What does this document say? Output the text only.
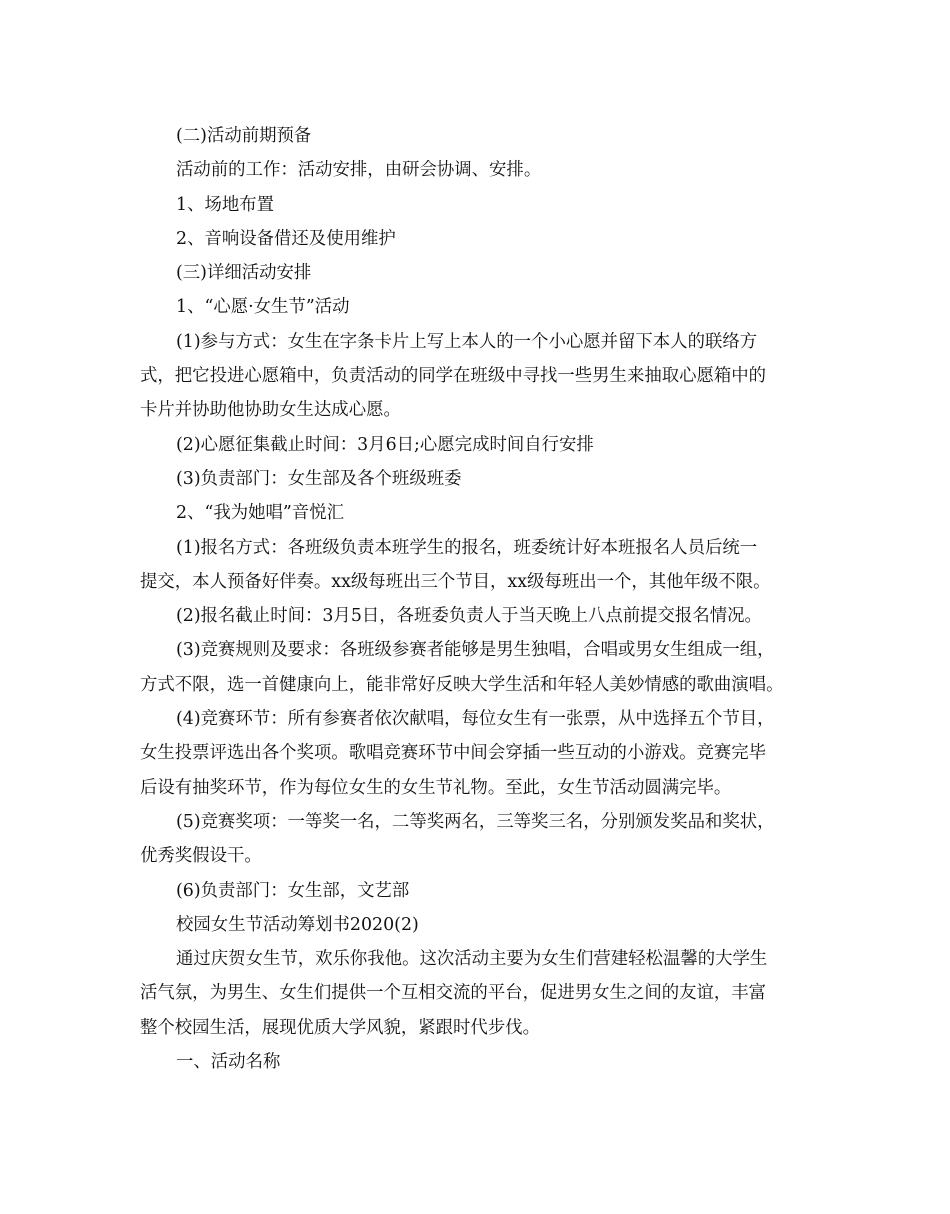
(二)活动前期预备
活动前的工作：活动安排，由研会协调、安排。
1、场地布置
2、音响设备借还及使用维护
(三)详细活动安排
1、“心愿·女生节”活动
(1)参与方式：女生在字条卡片上写上本人的一个小心愿并留下本人的联络方
式，把它投进心愿箱中，负责活动的同学在班级中寻找一些男生来抽取心愿箱中的
卡片并协助他协助女生达成心愿。
(2)心愿征集截止时间：3月6日;心愿完成时间自行安排
(3)负责部门：女生部及各个班级班委
2、“我为她唱”音悦汇
(1)报名方式：各班级负责本班学生的报名，班委统计好本班报名人员后统一
提交，本人预备好伴奏。xx级每班出三个节目，xx级每班出一个，其他年级不限。
(2)报名截止时间：3月5日，各班委负责人于当天晚上八点前提交报名情况。
(3)竞赛规则及要求：各班级参赛者能够是男生独唱，合唱或男女生组成一组，
方式不限，选一首健康向上，能非常好反映大学生活和年轻人美妙情感的歌曲演唱。
(4)竞赛环节：所有参赛者依次献唱，每位女生有一张票，从中选择五个节目，
女生投票评选出各个奖项。歌唱竞赛环节中间会穿插一些互动的小游戏。竞赛完毕
后设有抽奖环节，作为每位女生的女生节礼物。至此，女生节活动圆满完毕。
(5)竞赛奖项：一等奖一名，二等奖两名，三等奖三名，分别颁发奖品和奖状，
优秀奖假设干。
(6)负责部门：女生部，文艺部
校园女生节活动筹划书2020(2)
通过庆贺女生节，欢乐你我他。这次活动主要为女生们营建轻松温馨的大学生
活气氛，为男生、女生们提供一个互相交流的平台，促进男女生之间的友谊，丰富
整个校园生活，展现优质大学风貌，紧跟时代步伐。
一、活动名称
